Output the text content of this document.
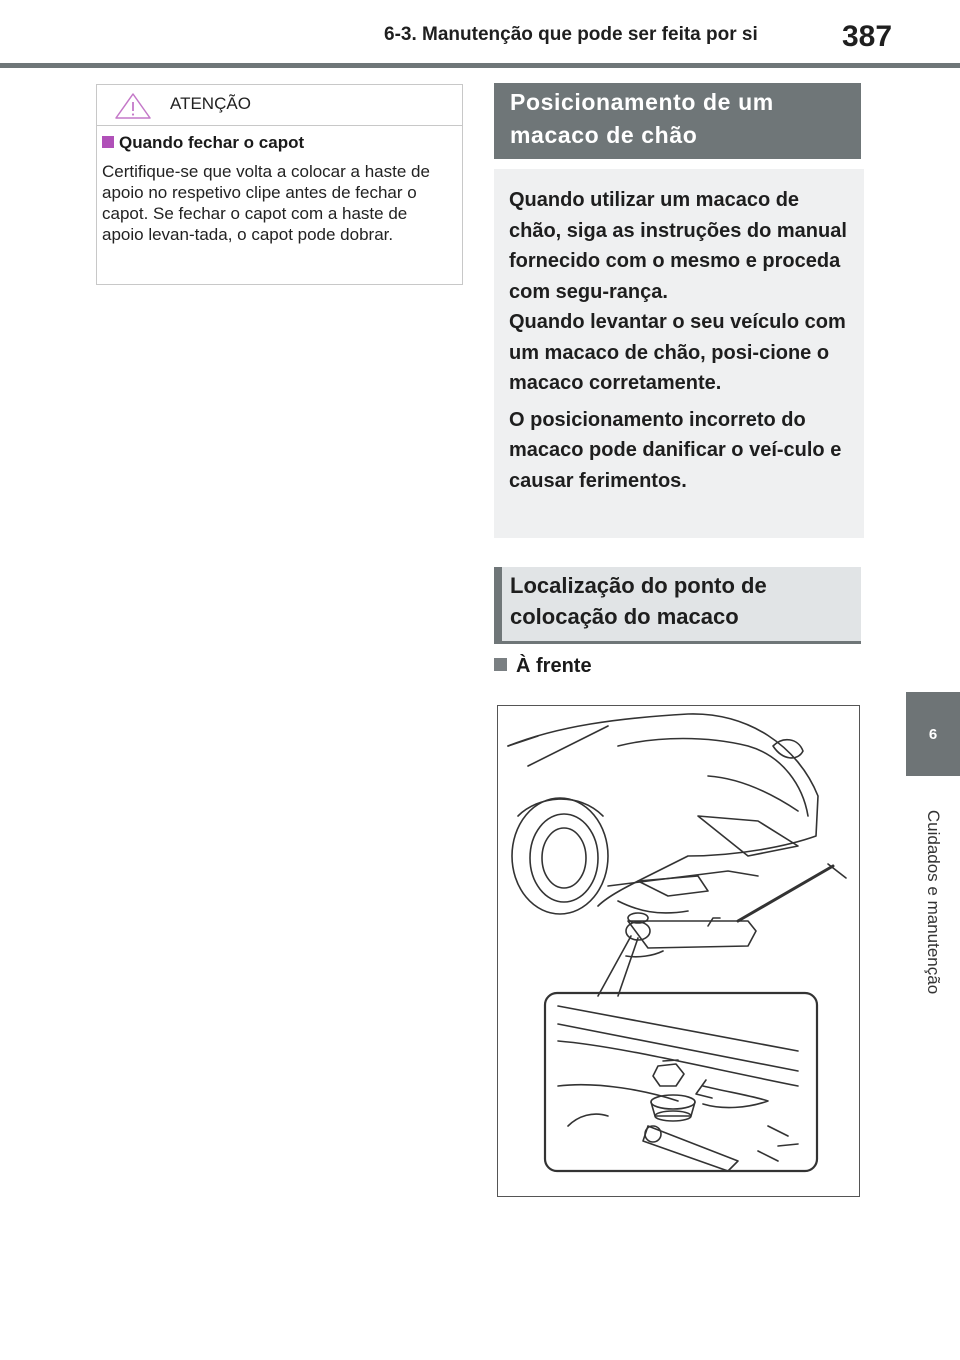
6-3. Manutenção que pode ser feita por si	387
6
Cuidados e manutenção
ATENÇÃO
Quando fechar o capot
Certifique-se que volta a colocar a haste de apoio no respetivo clipe antes de fechar o capot. Se fechar o capot com a haste de apoio levan-tada, o capot pode dobrar.
Posicionamento de um macaco de chão

Quando utilizar um macaco de chão, siga as instruções do manual fornecido com o mesmo e proceda com segu-rança.

Quando levantar o seu veículo com um macaco de chão, posi-cione o macaco corretamente.

O posicionamento incorreto do macaco pode danificar o veí-culo e causar ferimentos.

Localização do ponto de colocação do macaco
À frente
